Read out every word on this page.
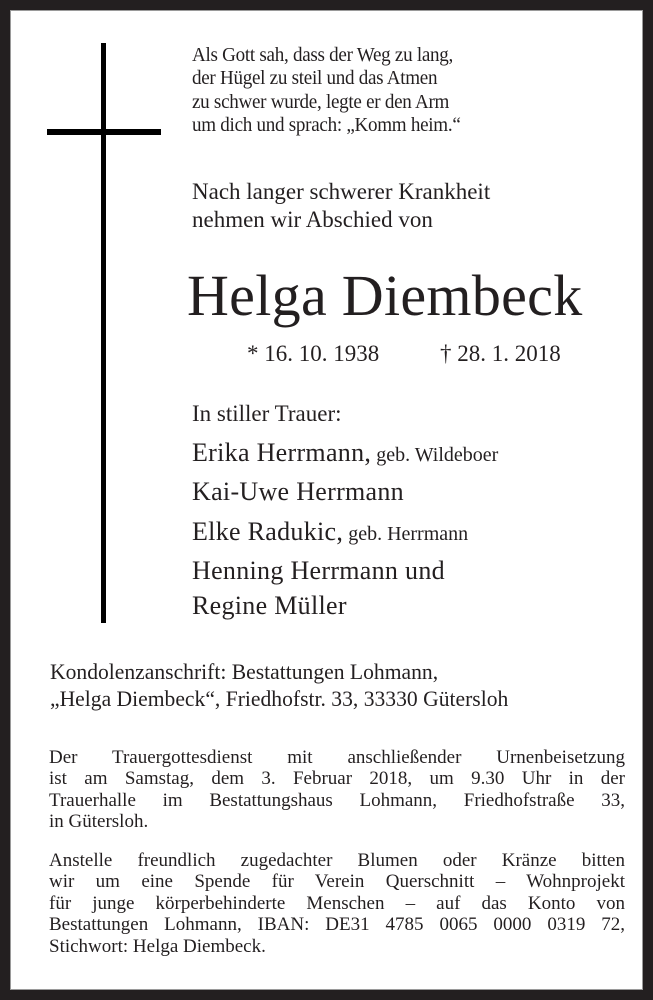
Als Gott sah, dass der Weg zu lang,
der Hügel zu steil und das Atmen
zu schwer wurde, legte er den Arm
um dich und sprach: „Komm heim.“
Nach langer schwerer Krankheit
nehmen wir Abschied von
Helga Diembeck
* 16. 10. 1938	† 28. 1. 2018
In stiller Trauer:
Erika Herrmann, geb. Wildeboer
Kai-Uwe Herrmann
Elke Radukic, geb. Herrmann
Henning Herrmann und
Regine Müller
Kondolenzanschrift: Bestattungen Lohmann,
„Helga Diembeck“, Friedhofstr. 33, 33330 Gütersloh
Der Trauergottesdienst mit anschließender Urnenbeisetzung
ist am Samstag, dem 3. Februar 2018, um 9.30 Uhr in der
Trauerhalle im Bestattungshaus Lohmann, Friedhofstraße 33,
in Gütersloh.
Anstelle freundlich zugedachter Blumen oder Kränze bitten
wir um eine Spende für Verein Querschnitt – Wohnprojekt
für junge körperbehinderte Menschen – auf das Konto von
Bestattungen Lohmann, IBAN: DE31 4785 0065 0000 0319 72,
Stichwort: Helga Diembeck.
